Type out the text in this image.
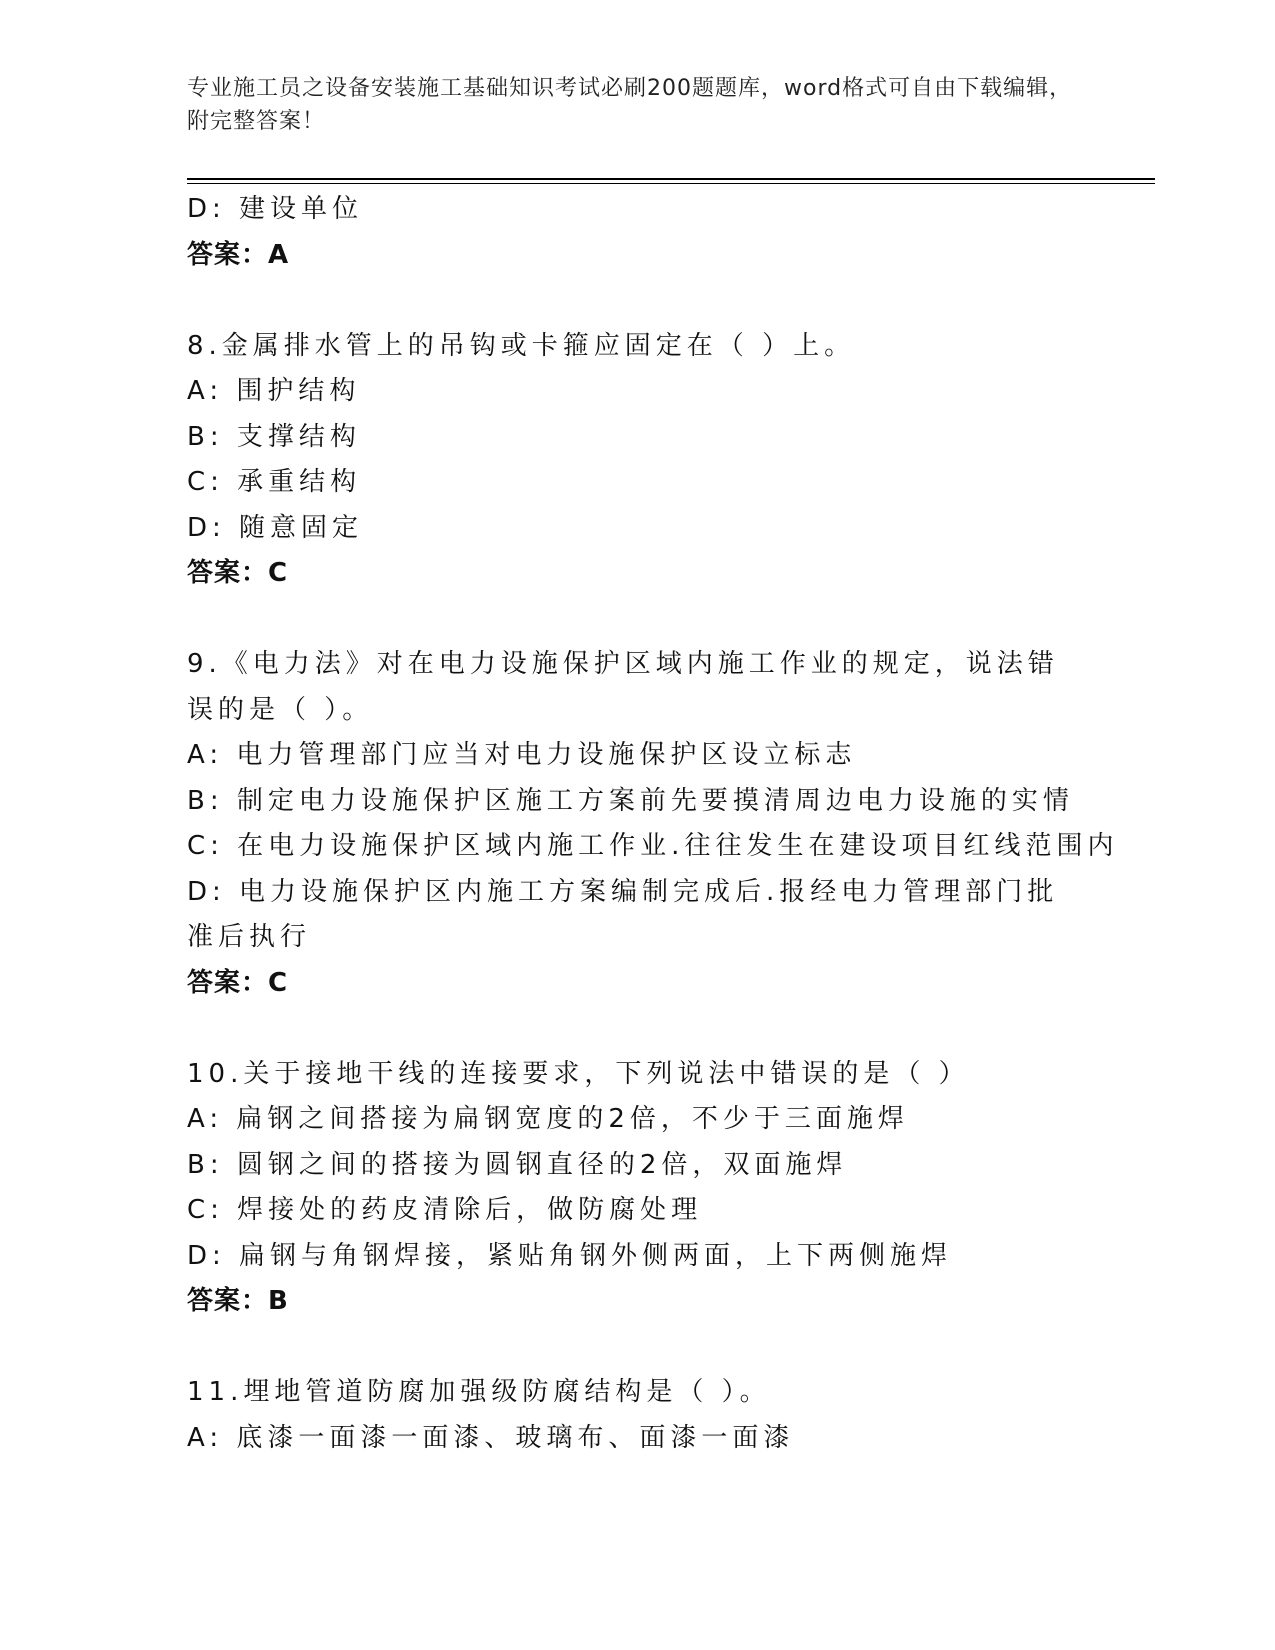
专业施工员之设备安装施工基础知识考试必刷200题题库，word格式可自由下载编辑，附完整答案！
D: 建设单位
答案：A
8.金属排水管上的吊钩或卡箍应固定在（ ）上。
A: 围护结构
B: 支撑结构
C: 承重结构
D: 随意固定
答案：C
9.《电力法》对在电力设施保护区域内施工作业的规定，说法错误的是（ ）。
A: 电力管理部门应当对电力设施保护区设立标志
B: 制定电力设施保护区施工方案前先要摸清周边电力设施的实情
C: 在电力设施保护区域内施工作业.往往发生在建设项目红线范围内
D: 电力设施保护区内施工方案编制完成后.报经电力管理部门批准后执行
答案：C
10.关于接地干线的连接要求，下列说法中错误的是（ ）
A: 扁钢之间搭接为扁钢宽度的2倍，不少于三面施焊
B: 圆钢之间的搭接为圆钢直径的2倍，双面施焊
C: 焊接处的药皮清除后，做防腐处理
D: 扁钢与角钢焊接，紧贴角钢外侧两面，上下两侧施焊
答案：B
11.埋地管道防腐加强级防腐结构是（ ）。
A: 底漆一面漆一面漆、玻璃布、面漆一面漆
